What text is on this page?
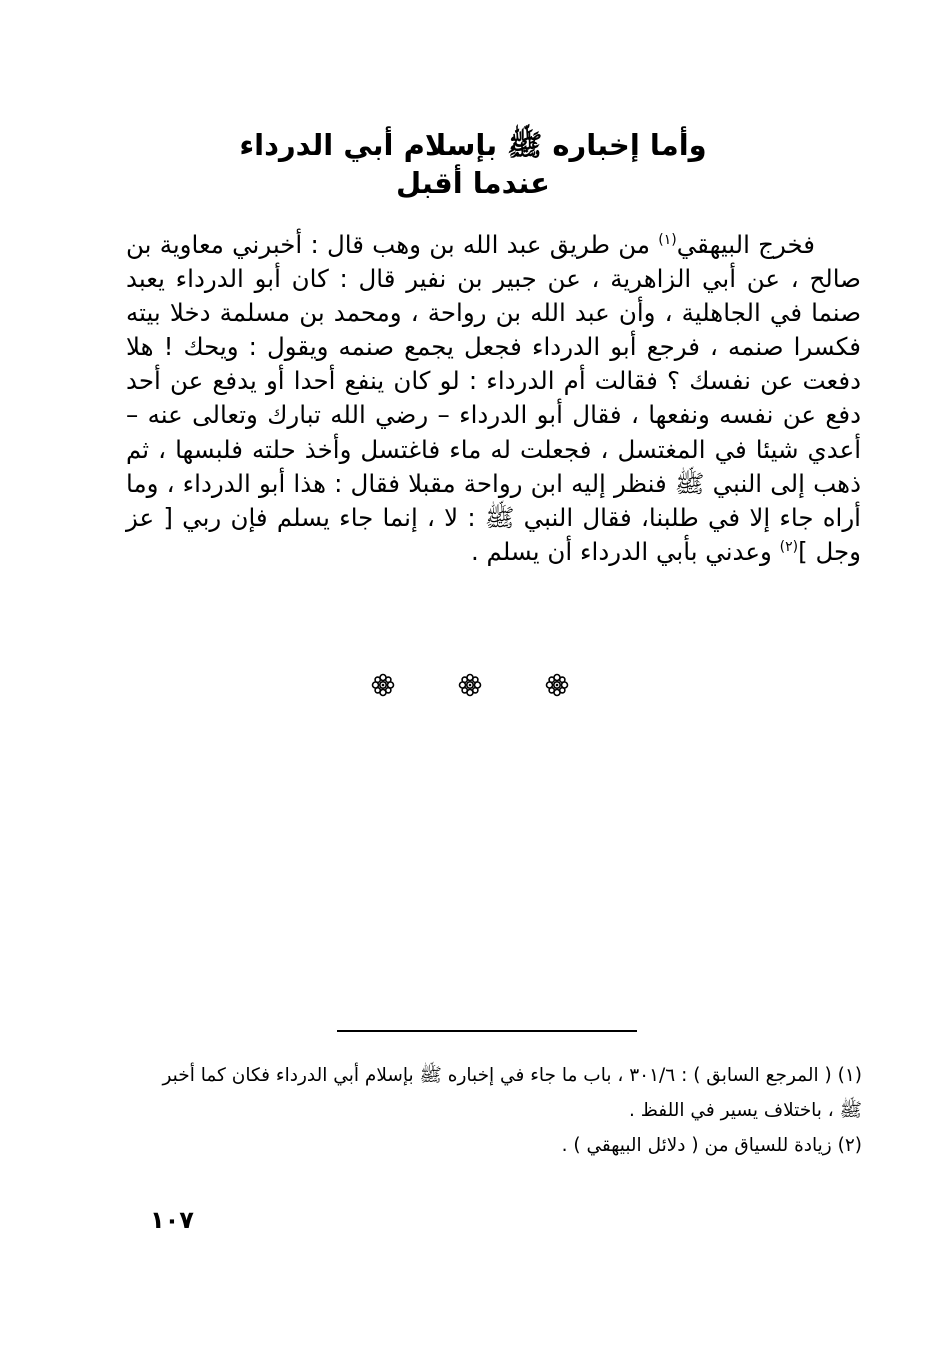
وأما إخباره ﷺ بإسلام أبي الدرداء
عندما أقبل

فخرج البيهقي$^{(١)}$ من طريق عبد الله بن وهب قال : أخبرني معاوية بن صالح ، عن أبي الزاهرية ، عن جبير بن نفير قال : كان أبو الدرداء يعبد صنما في الجاهلية ، وأن عبد الله بن رواحة ، ومحمد بن مسلمة دخلا بيته فكسرا صنمه ، فرجع أبو الدرداء فجعل يجمع صنمه ويقول : ويحك ! هلا دفعت عن نفسك ؟ فقالت أم الدرداء : لو كان ينفع أحدا أو يدفع عن أحد دفع عن نفسه ونفعها ، فقال أبو الدرداء – رضي الله تبارك وتعالى عنه – أعدي شيئا في المغتسل ، فجعلت له ماء فاغتسل وأخذ حلته فلبسها ، ثم ذهب إلى النبي ﷺ فنظر إليه ابن رواحة مقبلا فقال : هذا أبو الدرداء ، وما أراه جاء إلا في طلبنا، فقال النبي ﷺ : لا ، إنما جاء يسلم فإن ربي [ عز وجل ]$^{(٢)}$ وعدني بأبي الدرداء أن يسلم .

(١) ( المرجع السابق ) : ٣٠١/٦ ، باب ما جاء في إخباره ﷺ بإسلام أبي الدرداء فكان كما أخبر

ﷺ ، باختلاف يسير في اللفظ .

(٢) زيادة للسياق من ( دلائل البيهقي ) .

١٠٧
